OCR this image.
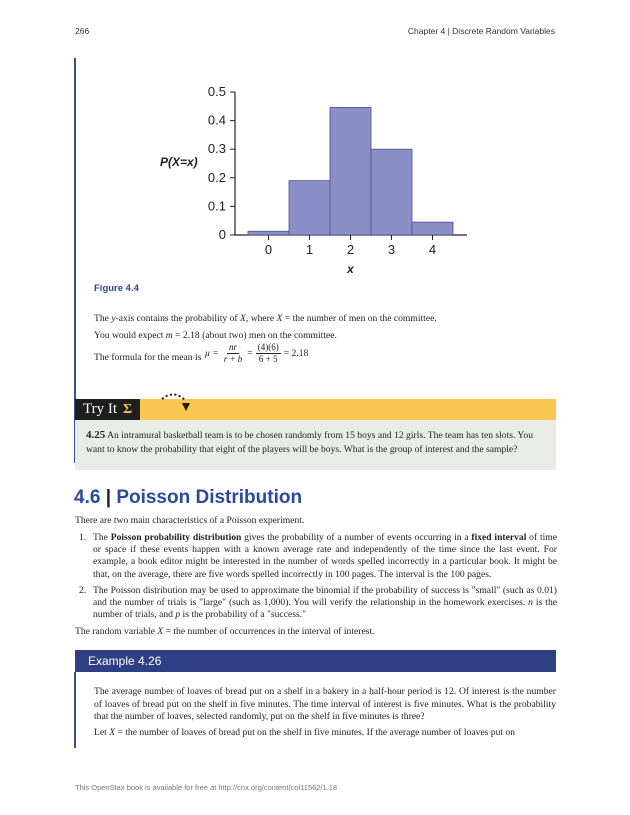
266	Chapter 4 | Discrete Random Variables
0
0.1
0.2
0.3
0.4
0.5
0	1	2	3	4
x
P(X=x)
Figure 4.4
The y-axis contains the probability of X, where X = the number of men on the committee.
You would expect m = 2.18 (about two) men on the committee.
The formula for the mean is $\mu = \frac{nr}{r + b} = \frac{(4)(6)}{6 + 5} = 2.18$
Try It Σ
4.25 An intramural basketball team is to be chosen randomly from 15 boys and 12 girls. The team has ten slots. You want to know the probability that eight of the players will be boys. What is the group of interest and the sample?
4.6 | Poisson Distribution
There are two main characteristics of a Poisson experiment.
1. The Poisson probability distribution gives the probability of a number of events occurring in a fixed interval of time or space if these events happen with a known average rate and independently of the time since the last event. For example, a book editor might be interested in the number of words spelled incorrectly in a particular book. It might be that, on the average, there are five words spelled incorrectly in 100 pages. The interval is the 100 pages.
2. The Poisson distribution may be used to approximate the binomial if the probability of success is "small" (such as 0.01) and the number of trials is "large" (such as 1,000). You will verify the relationship in the homework exercises. n is the number of trials, and p is the probability of a "success."
The random variable X = the number of occurrences in the interval of interest.
Example 4.26
The average number of loaves of bread put on a shelf in a bakery in a half-hour period is 12. Of interest is the number of loaves of bread put on the shelf in five minutes. The time interval of interest is five minutes. What is the probability that the number of loaves, selected randomly, put on the shelf in five minutes is three?
Let X = the number of loaves of bread put on the shelf in five minutes. If the average number of loaves put on
This OpenStax book is available for free at http://cnx.org/content/col11562/1.18
